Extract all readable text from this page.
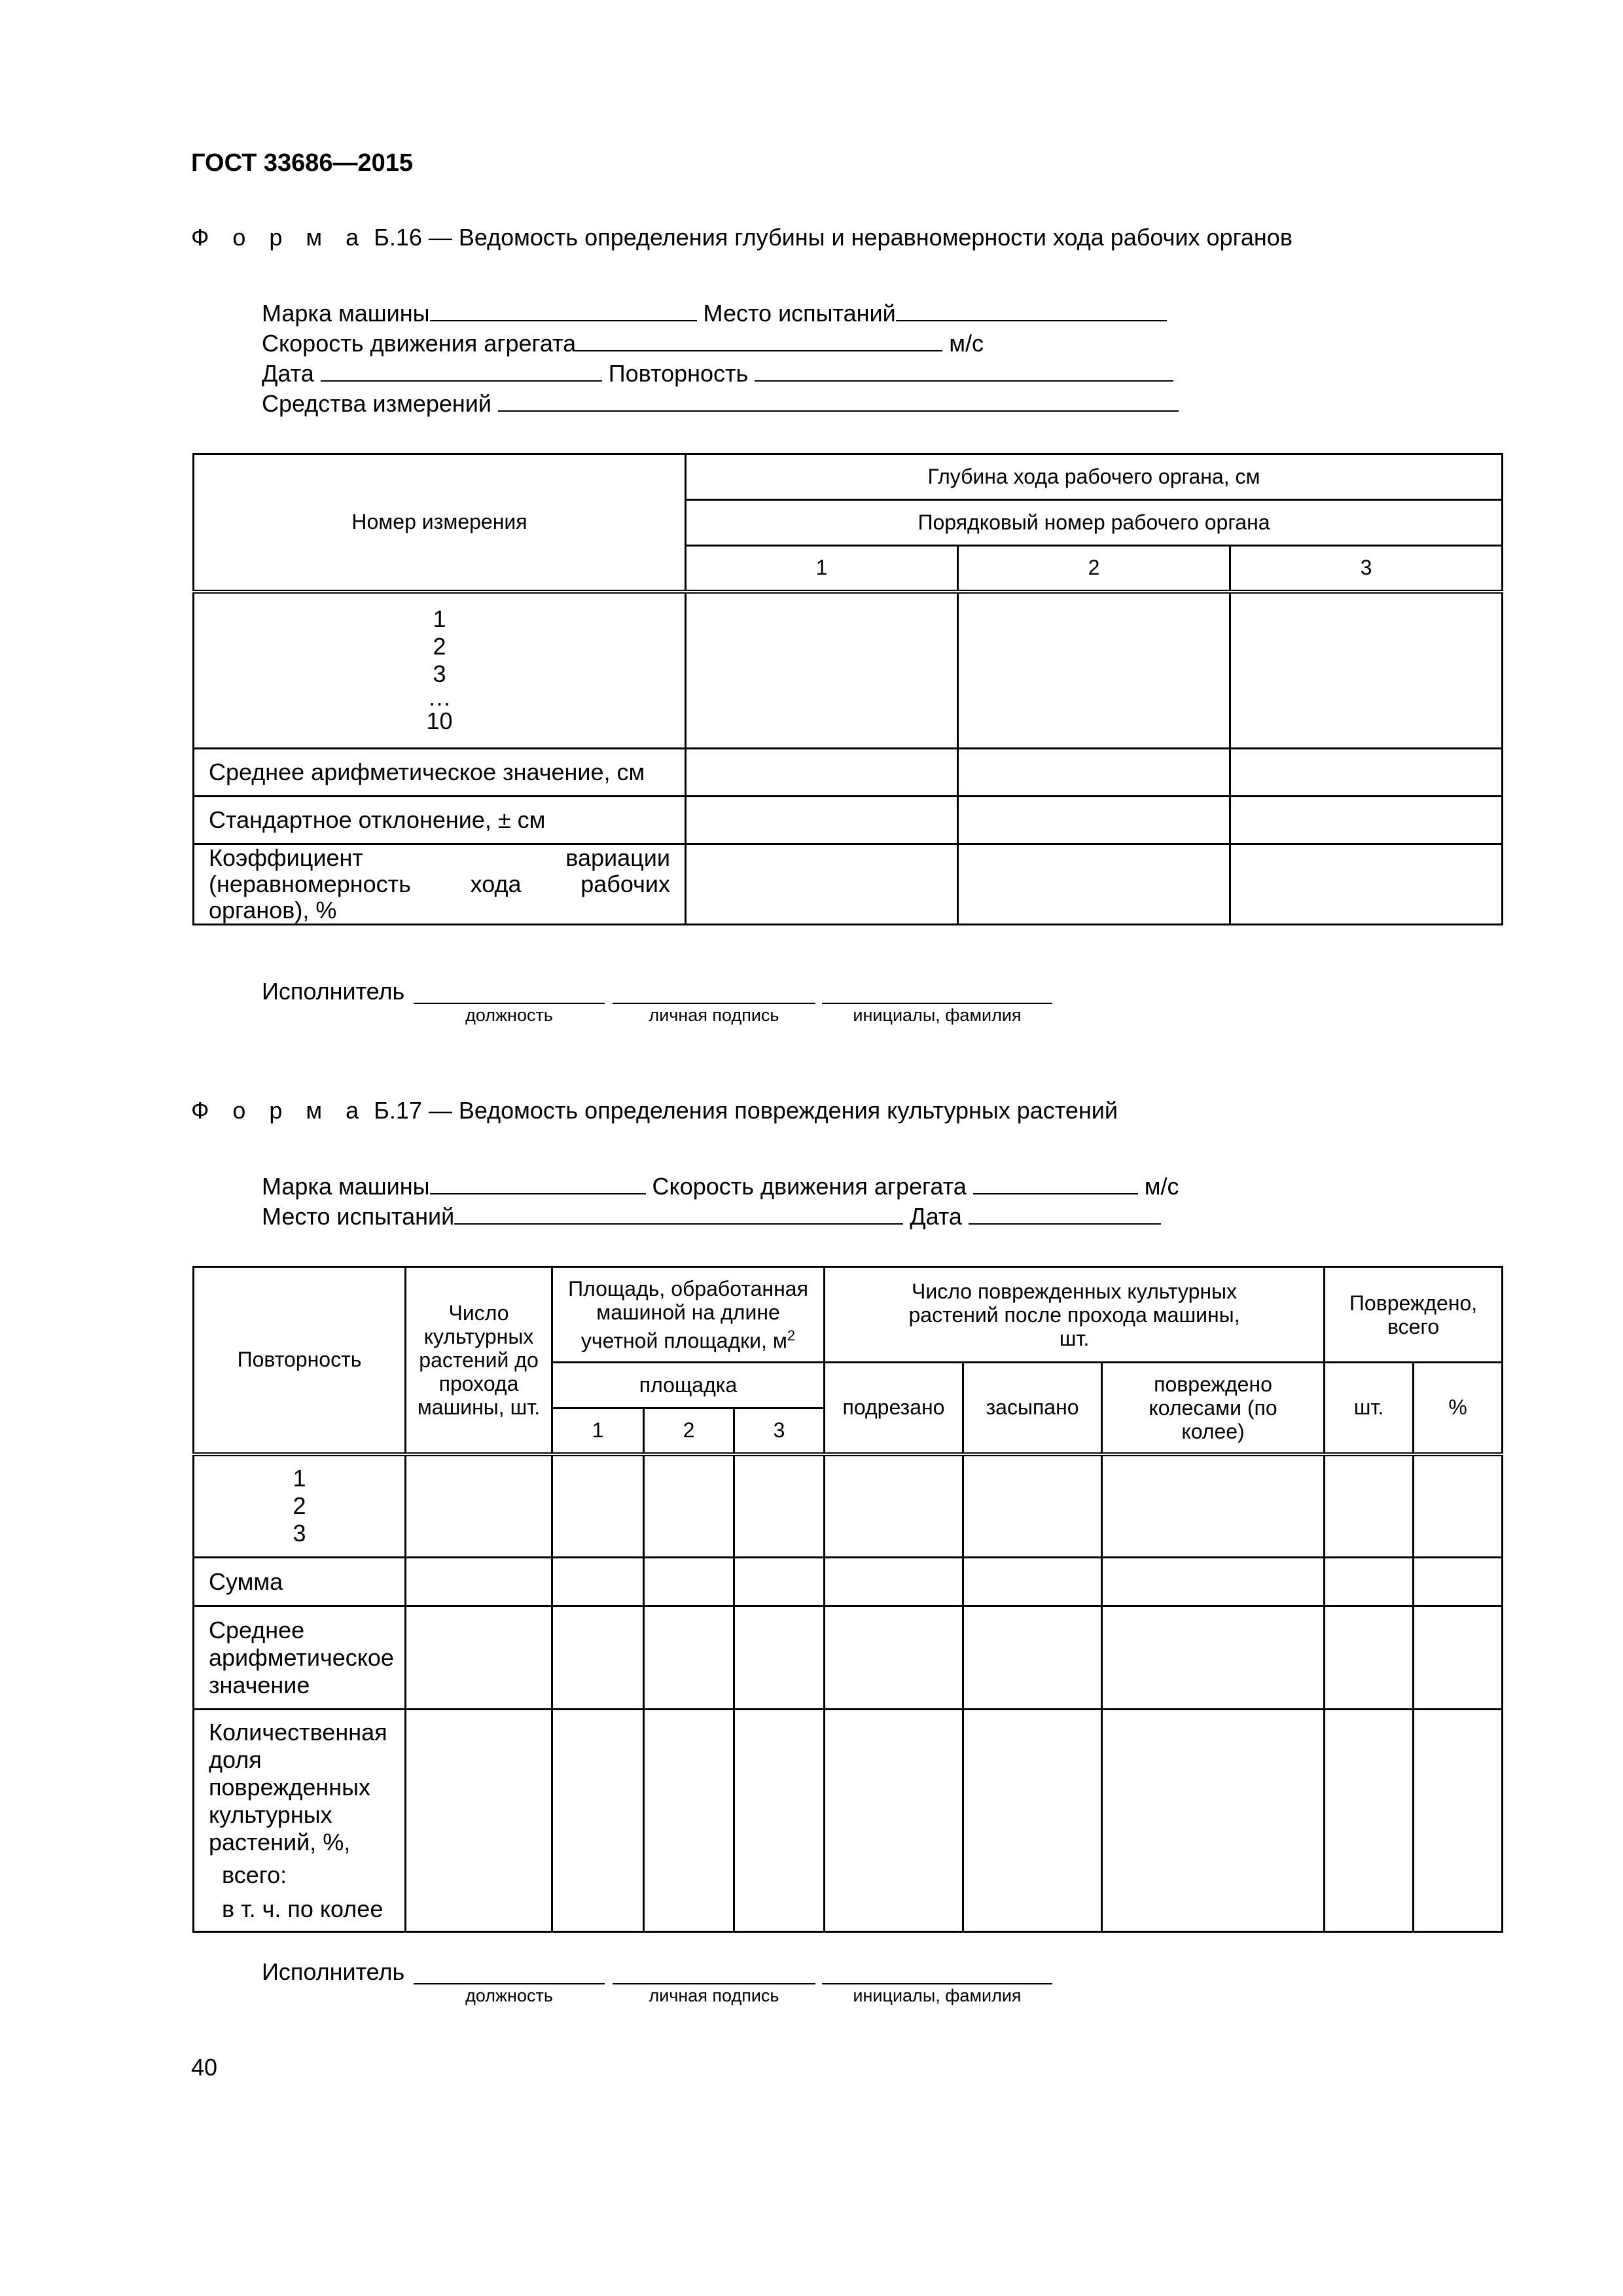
ГОСТ 33686—2015
Ф о р м а Б.16 — Ведомость определения глубины и неравномерности хода рабочих органов
Марка машины	Место испытаний
Скорость движения агрегата	м/с
Дата	Повторность
Средства измерений
Номер измерения	Глубина хода рабочего органа, см		
	Порядковый номер рабочего органа		
	1	2	3

1
2
3
…
10			

Среднее арифметическое значение, см			
Стандартное отклонение, ± см			
Коэффициент вариации (неравномерность хода рабочих органов), %			
Исполнитель
должность	личная подпись	инициалы, фамилия
Ф о р м а Б.17 — Ведомость определения повреждения культурных растений
Марка машины	Скорость движения агрегата	м/с
Место испытаний	Дата
Повторность	Число культурных растений до прохода машины, шт.	Площадь, обработанная машиной на длине учетной площадки, $м^2$			Число поврежденных культурных растений после прохода машины, шт.			Повреждено, всего	
		площадка			подрезано	засыпано	повреждено колесами (по колее)	шт.	%
		1	2	3					

1
2
3									

Сумма									
Среднее арифметическое значение									

Количественная доля поврежденных культурных растений, %,
всего:
в т. ч. по колее									

Исполнитель
должность	личная подпись	инициалы, фамилия
40
